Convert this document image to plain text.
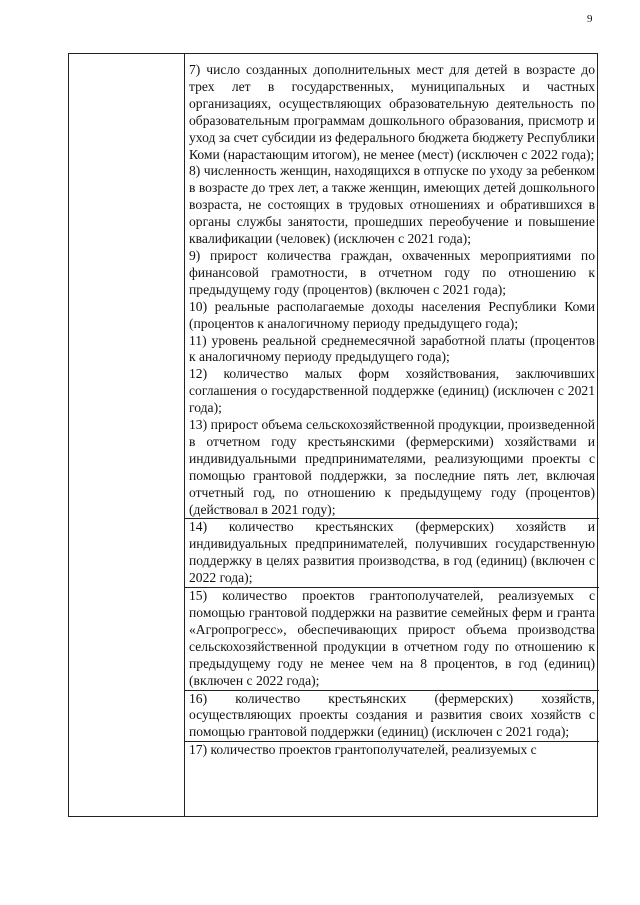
9
7) число созданных дополнительных мест для детей в возрасте до трех лет в государственных, муниципальных и частных организациях, осуществляющих образовательную деятельность по образовательным программам дошкольного образования, присмотр и уход за счет субсидии из федерального бюджета бюджету Республики Коми (нарастающим итогом), не менее (мест) (исключен с 2022 года);
8) численность женщин, находящихся в отпуске по уходу за ребенком в возрасте до трех лет, а также женщин, имеющих детей дошкольного возраста, не состоящих в трудовых отношениях и обратившихся в органы службы занятости, прошедших переобучение и повышение квалификации (человек) (исключен с 2021 года);
9) прирост количества граждан, охваченных мероприятиями по финансовой грамотности, в отчетном году по отношению к предыдущему году (процентов) (включен с 2021 года);
10) реальные располагаемые доходы населения Республики Коми (процентов к аналогичному периоду предыдущего года);
11) уровень реальной среднемесячной заработной платы (процентов к аналогичному периоду предыдущего года);
12) количество малых форм хозяйствования, заключивших соглашения о государственной поддержке (единиц) (исключен с 2021 года);
13) прирост объема сельскохозяйственной продукции, произведенной в отчетном году крестьянскими (фермерскими) хозяйствами и индивидуальными предпринимателями, реализующими проекты с помощью грантовой поддержки, за последние пять лет, включая отчетный год, по отношению к предыдущему году (процентов) (действовал в 2021 году);
14) количество крестьянских (фермерских) хозяйств и индивидуальных предпринимателей, получивших государственную поддержку в целях развития производства, в год (единиц) (включен с 2022 года);
15) количество проектов грантополучателей, реализуемых с помощью грантовой поддержки на развитие семейных ферм и гранта «Агропрогресс», обеспечивающих прирост объема производства сельскохозяйственной продукции в отчетном году по отношению к предыдущему году не менее чем на 8 процентов, в год (единиц) (включен с 2022 года);
16) количество крестьянских (фермерских) хозяйств, осуществляющих проекты создания и развития своих хозяйств с помощью грантовой поддержки (единиц) (исключен с 2021 года);
17) количество проектов грантополучателей, реализуемых с
